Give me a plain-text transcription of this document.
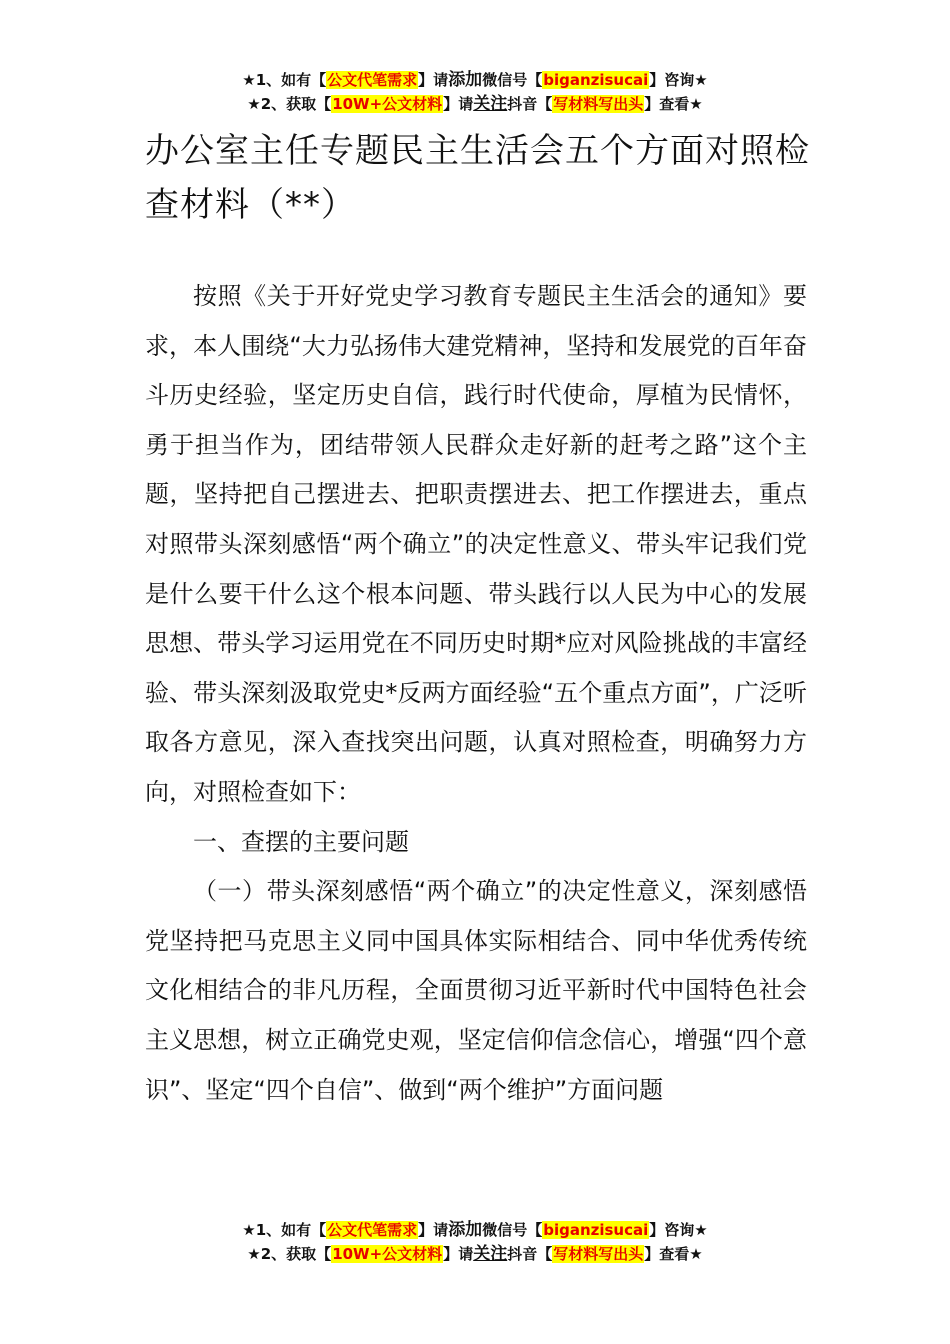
★1、如有【公文代笔需求】请添加微信号【biganzisucai】咨询★
★2、获取【10W+公文材料】请关注抖音【写材料写出头】查看★
办公室主任专题民主生活会五个方面对照检查材料（**）

按照《关于开好党史学习教育专题民主生活会的通知》要求，本人围绕“大力弘扬伟大建党精神，坚持和发展党的百年奋斗历史经验，坚定历史自信，践行时代使命，厚植为民情怀，勇于担当作为，团结带领人民群众走好新的赶考之路”这个主题，坚持把自己摆进去、把职责摆进去、把工作摆进去，重点对照带头深刻感悟“两个确立”的决定性意义、带头牢记我们党是什么要干什么这个根本问题、带头践行以人民为中心的发展思想、带头学习运用党在不同历史时期*应对风险挑战的丰富经验、带头深刻汲取党史*反两方面经验“五个重点方面”，广泛听取各方意见，深入查找突出问题，认真对照检查，明确努力方向，对照检查如下：

一、查摆的主要问题

（一）带头深刻感悟“两个确立”的决定性意义，深刻感悟党坚持把马克思主义同中国具体实际相结合、同中华优秀传统文化相结合的非凡历程，全面贯彻习近平新时代中国特色社会主义思想，树立正确党史观，坚定信仰信念信心，增强“四个意识”、坚定“四个自信”、做到“两个维护”方面问题

★1、如有【公文代笔需求】请添加微信号【biganzisucai】咨询★
★2、获取【10W+公文材料】请关注抖音【写材料写出头】查看★
